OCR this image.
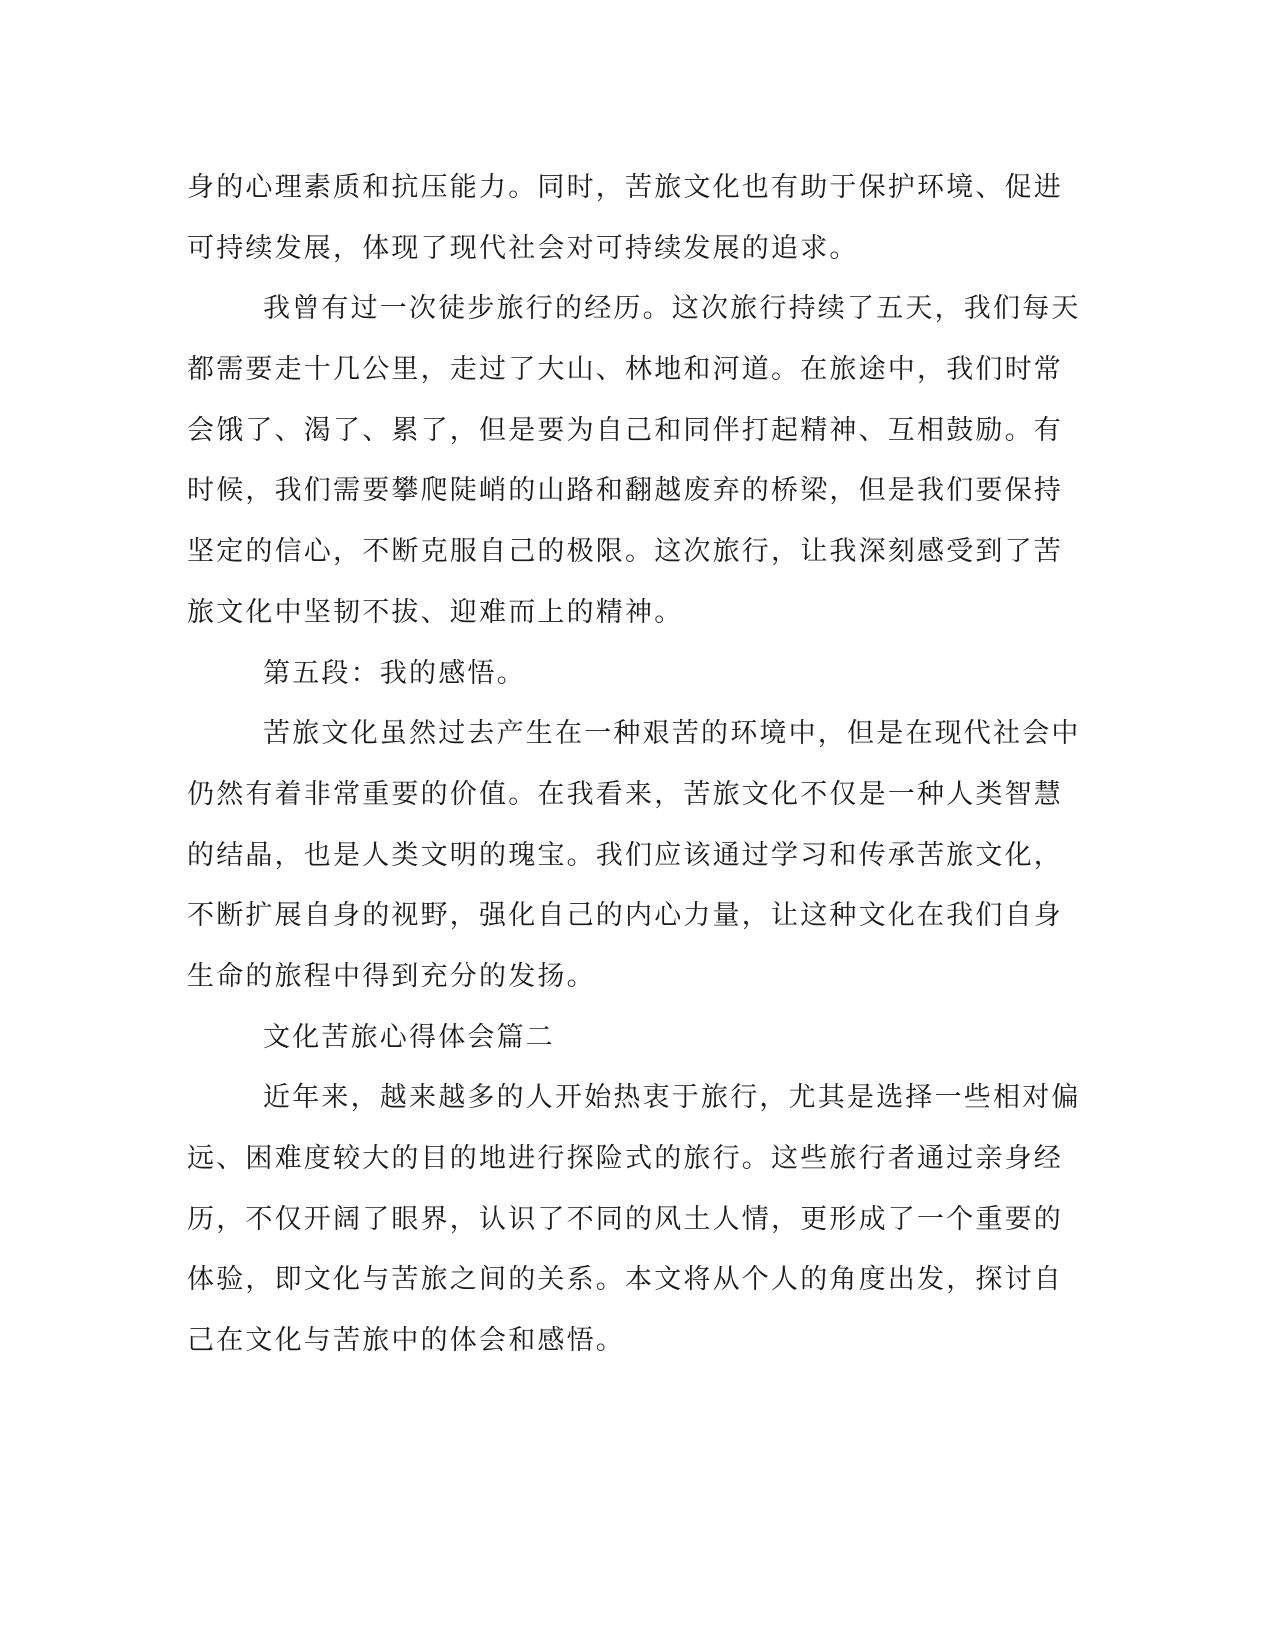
身的心理素质和抗压能力。同时，苦旅文化也有助于保护环境、促进
可持续发展，体现了现代社会对可持续发展的追求。
我曾有过一次徒步旅行的经历。这次旅行持续了五天，我们每天
都需要走十几公里，走过了大山、林地和河道。在旅途中，我们时常
会饿了、渴了、累了，但是要为自己和同伴打起精神、互相鼓励。有
时候，我们需要攀爬陡峭的山路和翻越废弃的桥梁，但是我们要保持
坚定的信心，不断克服自己的极限。这次旅行，让我深刻感受到了苦
旅文化中坚韧不拔、迎难而上的精神。
第五段：我的感悟。
苦旅文化虽然过去产生在一种艰苦的环境中，但是在现代社会中
仍然有着非常重要的价值。在我看来，苦旅文化不仅是一种人类智慧
的结晶，也是人类文明的瑰宝。我们应该通过学习和传承苦旅文化，
不断扩展自身的视野，强化自己的内心力量，让这种文化在我们自身
生命的旅程中得到充分的发扬。
文化苦旅心得体会篇二
近年来，越来越多的人开始热衷于旅行，尤其是选择一些相对偏
远、困难度较大的目的地进行探险式的旅行。这些旅行者通过亲身经
历，不仅开阔了眼界，认识了不同的风土人情，更形成了一个重要的
体验，即文化与苦旅之间的关系。本文将从个人的角度出发，探讨自
己在文化与苦旅中的体会和感悟。
